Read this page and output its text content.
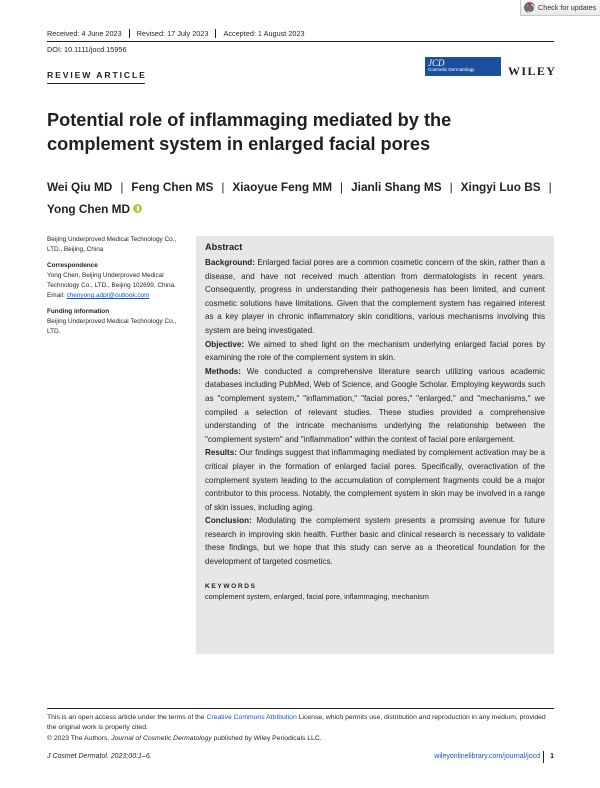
Check for updates
Received: 4 June 2023	Revised: 17 July 2023	Accepted: 1 August 2023
DOI: 10.1111/jocd.15956
REVIEW ARTICLE
JCD
Cosmetic Dermatology	WILEY
Potential role of inflammaging mediated by the complement system in enlarged facial pores
Wei Qiu MD | Feng Chen MS | Xiaoyue Feng MM | Jianli Shang MS | Xingyi Luo BS |
Yong Chen MD
Beijing Underproved Medical Technology Co., LTD., Beijing, China
Correspondence
Yong Chen, Beijing Underproved Medical Technology Co., LTD., Beijing 102699, China.
Email: chenyong.adpt@outlook.com
Funding information
Beijing Underproved Medical Technology Co., LTD.
Abstract

Background: Enlarged facial pores are a common cosmetic concern of the skin, rather than a disease, and have not received much attention from dermatologists in recent years. Consequently, progress in understanding their pathogenesis has been limited, and current cosmetic solutions have limitations. Given that the complement system has regained interest as a key player in chronic inflammatory skin conditions, various mechanisms involving this system are being investigated.

Objective: We aimed to shed light on the mechanism underlying enlarged facial pores by examining the role of the complement system in skin.

Methods: We conducted a comprehensive literature search utilizing various academic databases including PubMed, Web of Science, and Google Scholar. Employing keywords such as "complement system," "inflammation," "facial pores," "enlarged," and "mechanisms," we compiled a selection of relevant studies. These studies provided a comprehensive understanding of the intricate mechanisms underlying the relationship between the "complement system" and "inflammation" within the context of facial pore enlargement.

Results: Our findings suggest that inflammaging mediated by complement activation may be a critical player in the formation of enlarged facial pores. Specifically, overactivation of the complement system leading to the accumulation of complement fragments could be a major contributor to this process. Notably, the complement system in skin may be involved in a range of skin issues, including aging.

Conclusion: Modulating the complement system presents a promising avenue for future research in improving skin health. Further basic and clinical research is necessary to validate these findings, but we hope that this study can serve as a theoretical foundation for the development of targeted cosmetics.

KEYWORDS
complement system, enlarged, facial pore, inflammaging, mechanism
This is an open access article under the terms of the Creative Commons Attribution License, which permits use, distribution and reproduction in any medium, provided the original work is properly cited.
© 2023 The Authors. Journal of Cosmetic Dermatology published by Wiley Periodicals LLC.
J Cosmet Dermatol. 2023;00:1–6.	wileyonlinelibrary.com/journal/jocd 1
